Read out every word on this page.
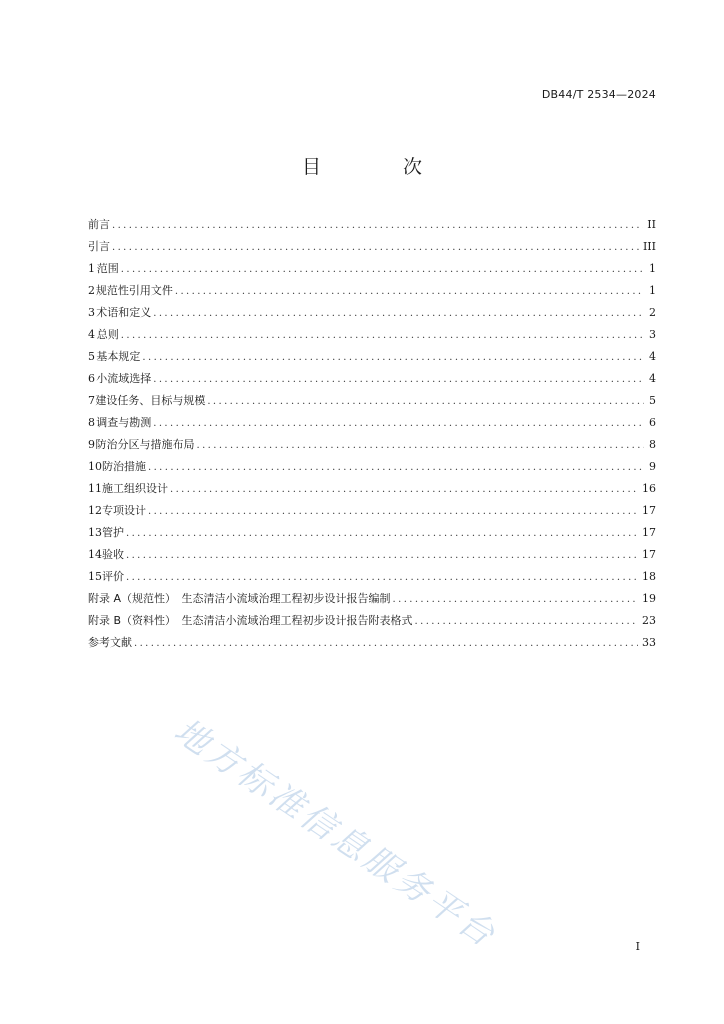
DB44/T 2534—2024
目 次
前言 .....	II
引言 .....	III
1 范围 .....	1
2 规范性引用文件 .....	1
3 术语和定义 .....	2
4 总则 .....	3
5 基本规定 .....	4
6 小流域选择 .....	4
7 建设任务、目标与规模 .....	5
8 调查与勘测 .....	6
9 防治分区与措施布局 .....	8
10 防治措施 .....	9
11 施工组织设计 .....	16
12 专项设计 .....	17
13 管护 .....	17
14 验收 .....	17
15 评价 .....	18
附录 A（规范性）　生态清洁小流域治理工程初步设计报告编制 .....	19
附录 B（资料性）　生态清洁小流域治理工程初步设计报告附表格式 .....	23
参考文献 .....	33
地方标准信息服务平台	I
